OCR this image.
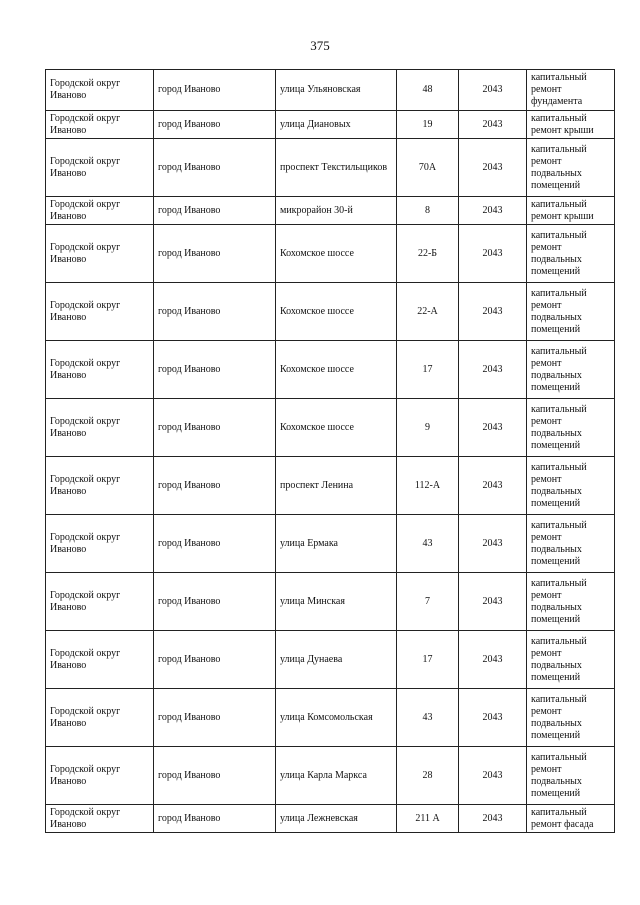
375
Городской округ Иваново	город Иваново	улица Ульяновская	48	2043	капитальный ремонт фундамента
Городской округ Иваново	город Иваново	улица Диановых	19	2043	капитальный ремонт крыши
Городской округ Иваново	город Иваново	проспект Текстильщиков	70А	2043	капитальный ремонт подвальных помещений
Городской округ Иваново	город Иваново	микрорайон 30-й	8	2043	капитальный ремонт крыши
Городской округ Иваново	город Иваново	Кохомское шоссе	22-Б	2043	капитальный ремонт подвальных помещений
Городской округ Иваново	город Иваново	Кохомское шоссе	22-А	2043	капитальный ремонт подвальных помещений
Городской округ Иваново	город Иваново	Кохомское шоссе	17	2043	капитальный ремонт подвальных помещений
Городской округ Иваново	город Иваново	Кохомское шоссе	9	2043	капитальный ремонт подвальных помещений
Городской округ Иваново	город Иваново	проспект Ленина	112-А	2043	капитальный ремонт подвальных помещений
Городской округ Иваново	город Иваново	улица Ермака	43	2043	капитальный ремонт подвальных помещений
Городской округ Иваново	город Иваново	улица Минская	7	2043	капитальный ремонт подвальных помещений
Городской округ Иваново	город Иваново	улица Дунаева	17	2043	капитальный ремонт подвальных помещений
Городской округ Иваново	город Иваново	улица Комсомольская	43	2043	капитальный ремонт подвальных помещений
Городской округ Иваново	город Иваново	улица Карла Маркса	28	2043	капитальный ремонт подвальных помещений
Городской округ Иваново	город Иваново	улица Лежневская	211 А	2043	капитальный ремонт фасада
